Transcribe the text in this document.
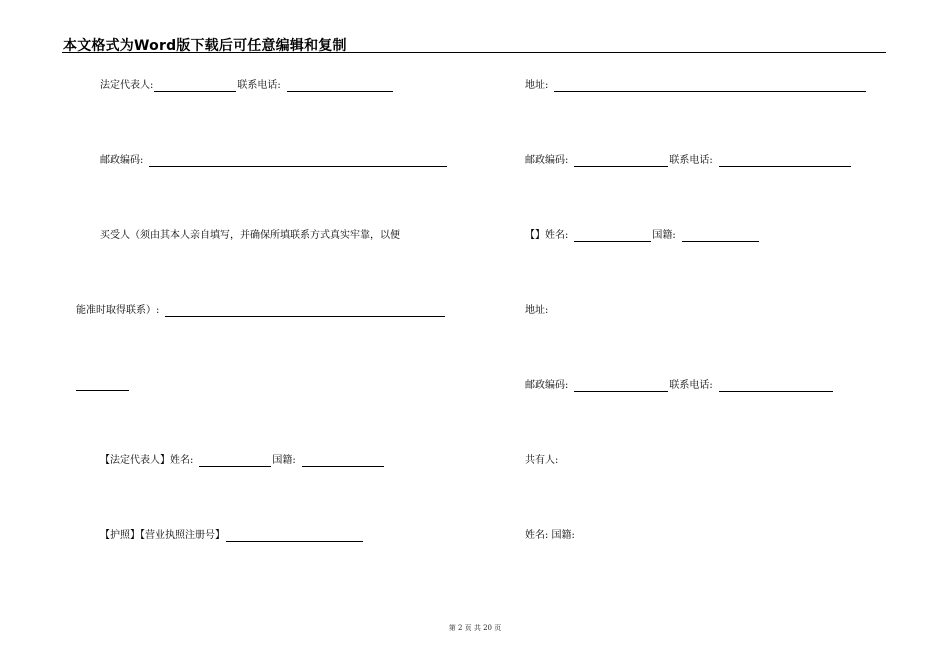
本文格式为Word版下载后可任意编辑和复制
法定代表人:	联系电话:
邮政编码:
买受人（须由其本人亲自填写，并确保所填联系方式真实牢靠，以便
能准时取得联系）:
【法定代表人】姓名:	国籍:
【护照】【营业执照注册号】
地址:
邮政编码:	联系电话:
【】姓名:	国籍:
地址:
邮政编码:	联系电话:
共有人:
姓名: 国籍:
第 2 页 共 20 页
